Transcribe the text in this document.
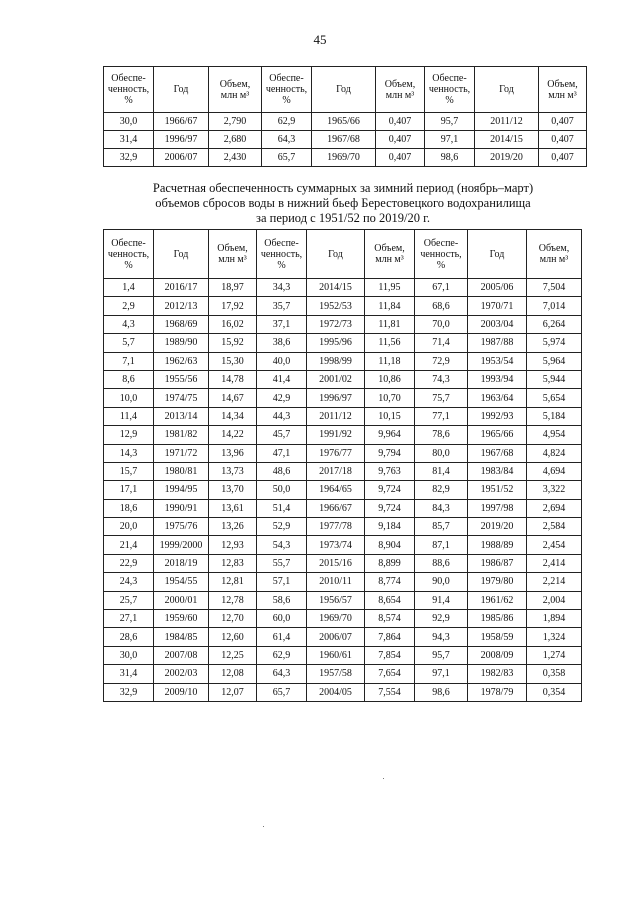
45
Обеспе-
ченность,
%	Год	Объем,
млн м³	Обеспе-
ченность,
%	Год	Объем,
млн м³	Обеспе-
ченность,
%	Год	Объем,
млн м³
30,0	1966/67	2,790	62,9	1965/66	0,407	95,7	2011/12	0,407
31,4	1996/97	2,680	64,3	1967/68	0,407	97,1	2014/15	0,407
32,9	2006/07	2,430	65,7	1969/70	0,407	98,6	2019/20	0,407
Расчетная обеспеченность суммарных за зимний период (ноябрь–март)
объемов сбросов воды в нижний бьеф Берестовецкого водохранилища
за период с 1951/52 по 2019/20 г.
Обеспе-
ченность,
%	Год	Объем,
млн м³	Обеспе-
ченность,
%	Год	Объем,
млн м³	Обеспе-
ченность,
%	Год	Объем,
млн м³
1,4	2016/17	18,97	34,3	2014/15	11,95	67,1	2005/06	7,504
2,9	2012/13	17,92	35,7	1952/53	11,84	68,6	1970/71	7,014
4,3	1968/69	16,02	37,1	1972/73	11,81	70,0	2003/04	6,264
5,7	1989/90	15,92	38,6	1995/96	11,56	71,4	1987/88	5,974
7,1	1962/63	15,30	40,0	1998/99	11,18	72,9	1953/54	5,964
8,6	1955/56	14,78	41,4	2001/02	10,86	74,3	1993/94	5,944
10,0	1974/75	14,67	42,9	1996/97	10,70	75,7	1963/64	5,654
11,4	2013/14	14,34	44,3	2011/12	10,15	77,1	1992/93	5,184
12,9	1981/82	14,22	45,7	1991/92	9,964	78,6	1965/66	4,954
14,3	1971/72	13,96	47,1	1976/77	9,794	80,0	1967/68	4,824
15,7	1980/81	13,73	48,6	2017/18	9,763	81,4	1983/84	4,694
17,1	1994/95	13,70	50,0	1964/65	9,724	82,9	1951/52	3,322
18,6	1990/91	13,61	51,4	1966/67	9,724	84,3	1997/98	2,694
20,0	1975/76	13,26	52,9	1977/78	9,184	85,7	2019/20	2,584
21,4	1999/2000	12,93	54,3	1973/74	8,904	87,1	1988/89	2,454
22,9	2018/19	12,83	55,7	2015/16	8,899	88,6	1986/87	2,414
24,3	1954/55	12,81	57,1	2010/11	8,774	90,0	1979/80	2,214
25,7	2000/01	12,78	58,6	1956/57	8,654	91,4	1961/62	2,004
27,1	1959/60	12,70	60,0	1969/70	8,574	92,9	1985/86	1,894
28,6	1984/85	12,60	61,4	2006/07	7,864	94,3	1958/59	1,324
30,0	2007/08	12,25	62,9	1960/61	7,854	95,7	2008/09	1,274
31,4	2002/03	12,08	64,3	1957/58	7,654	97,1	1982/83	0,358
32,9	2009/10	12,07	65,7	2004/05	7,554	98,6	1978/79	0,354
